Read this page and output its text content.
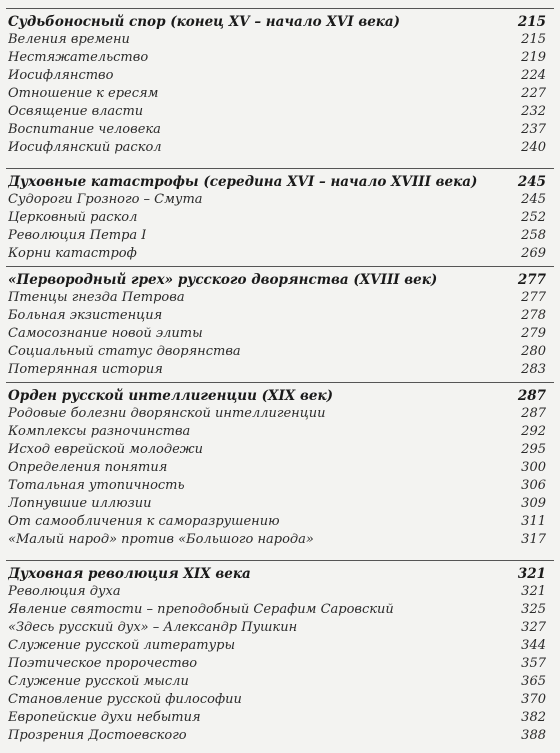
Судьбоносный спор (конец XV – начало XVI века)	215
Веления времени	215
Нестяжательство	219
Иосифлянство	224
Отношение к ересям	227
Освящение власти	232
Воспитание человека	237
Иосифлянский раскол	240
Духовные катастрофы (середина XVI – начало XVIII века)	245
Судороги Грозного – Смута	245
Церковный раскол	252
Революция Петра I	258
Корни катастроф	269
«Первородный грех» русского дворянства (XVIII век)	277
Птенцы гнезда Петрова	277
Больная экзистенция	278
Самосознание новой элиты	279
Социальный статус дворянства	280
Потерянная история	283
Орден русской интеллигенции (XIX век)	287
Родовые болезни дворянской интеллигенции	287
Комплексы разночинства	292
Исход еврейской молодежи	295
Определения понятия	300
Тотальная утопичность	306
Лопнувшие иллюзии	309
От самообличения к саморазрушению	311
«Малый народ» против «Большого народа»	317
Духовная революция XIX века	321
Революция духа	321
Явление святости – преподобный Серафим Саровский	325
«Здесь русский дух» – Александр Пушкин	327
Служение русской литературы	344
Поэтическое пророчество	357
Служение русской мысли	365
Становление русской философии	370
Европейские духи небытия	382
Прозрения Достоевского	388
